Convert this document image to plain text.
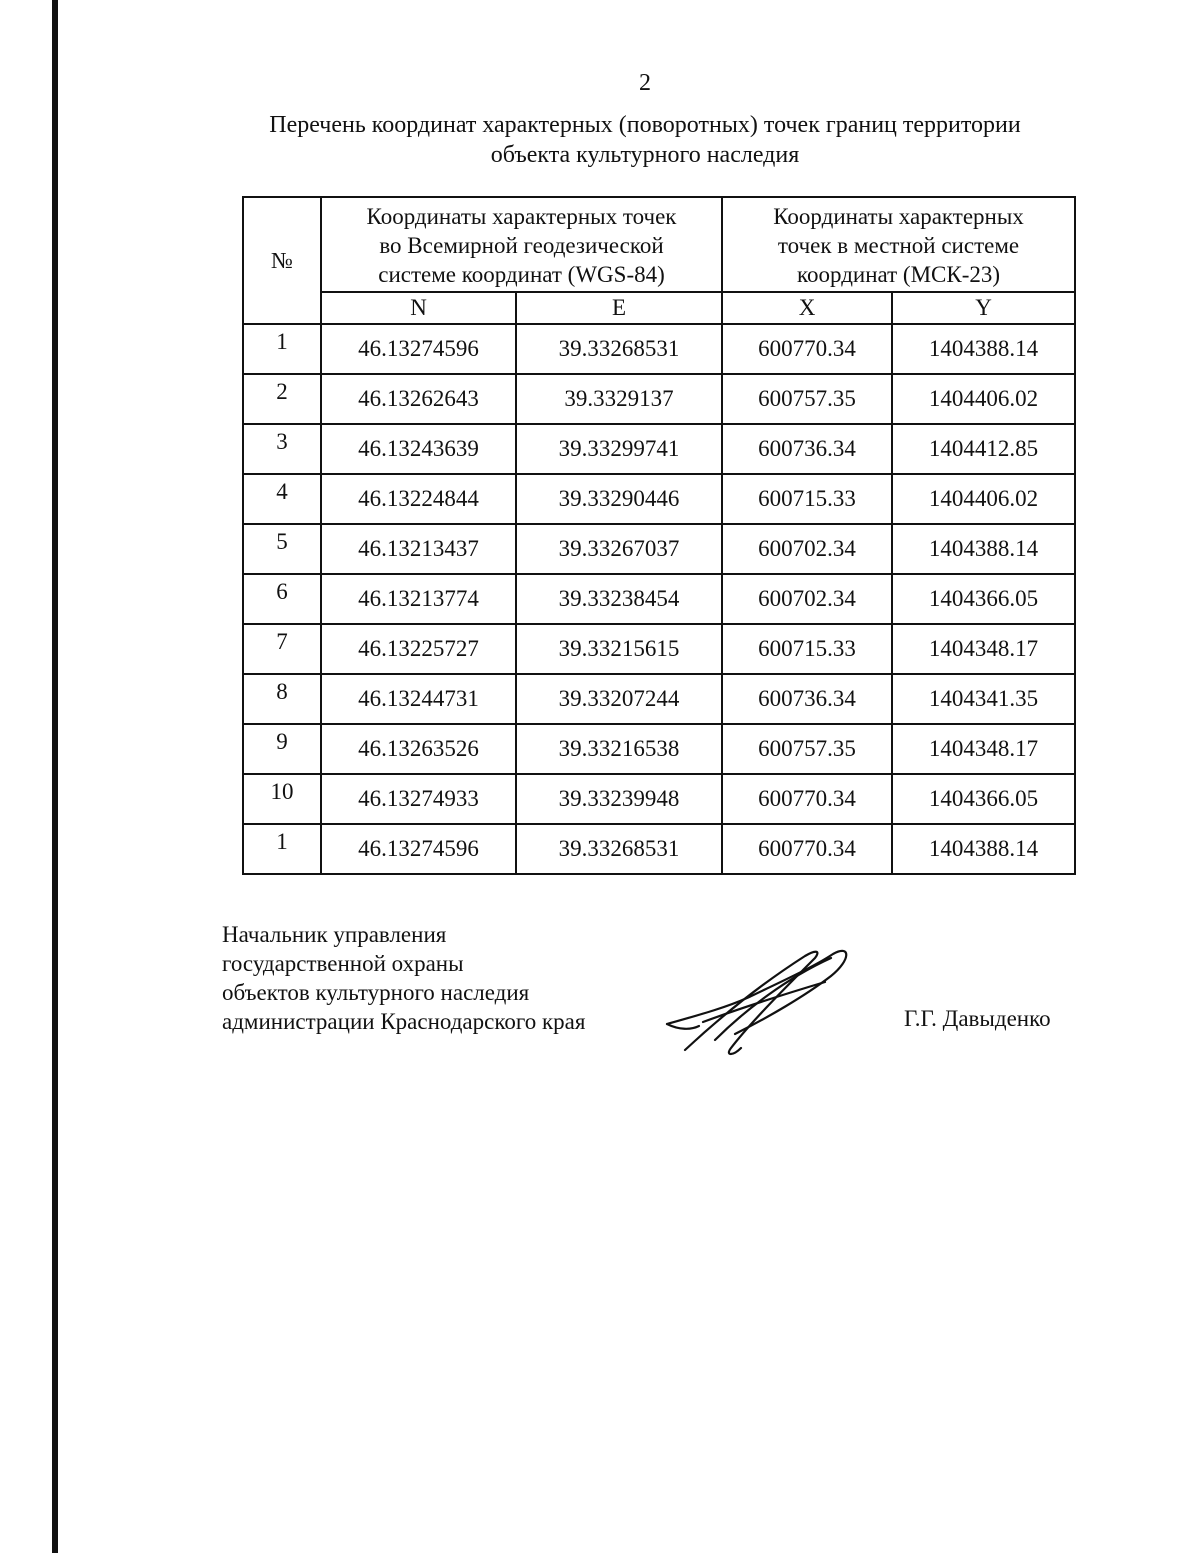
2
Перечень координат характерных (поворотных) точек границ территории
объекта культурного наследия
№	Координаты характерных точек
во Всемирной геодезической
системе координат (WGS-84)		Координаты характерных
точек в местной системе
координат (МСК-23)	

	N	E	X	Y
1	46.13274596	39.33268531	600770.34	1404388.14
2	46.13262643	39.3329137	600757.35	1404406.02
3	46.13243639	39.33299741	600736.34	1404412.85
4	46.13224844	39.33290446	600715.33	1404406.02
5	46.13213437	39.33267037	600702.34	1404388.14
6	46.13213774	39.33238454	600702.34	1404366.05
7	46.13225727	39.33215615	600715.33	1404348.17
8	46.13244731	39.33207244	600736.34	1404341.35
9	46.13263526	39.33216538	600757.35	1404348.17
10	46.13274933	39.33239948	600770.34	1404366.05
1	46.13274596	39.33268531	600770.34	1404388.14
Начальник управления
государственной охраны
объектов культурного наследия
администрации Краснодарского края	Г.Г. Давыденко
